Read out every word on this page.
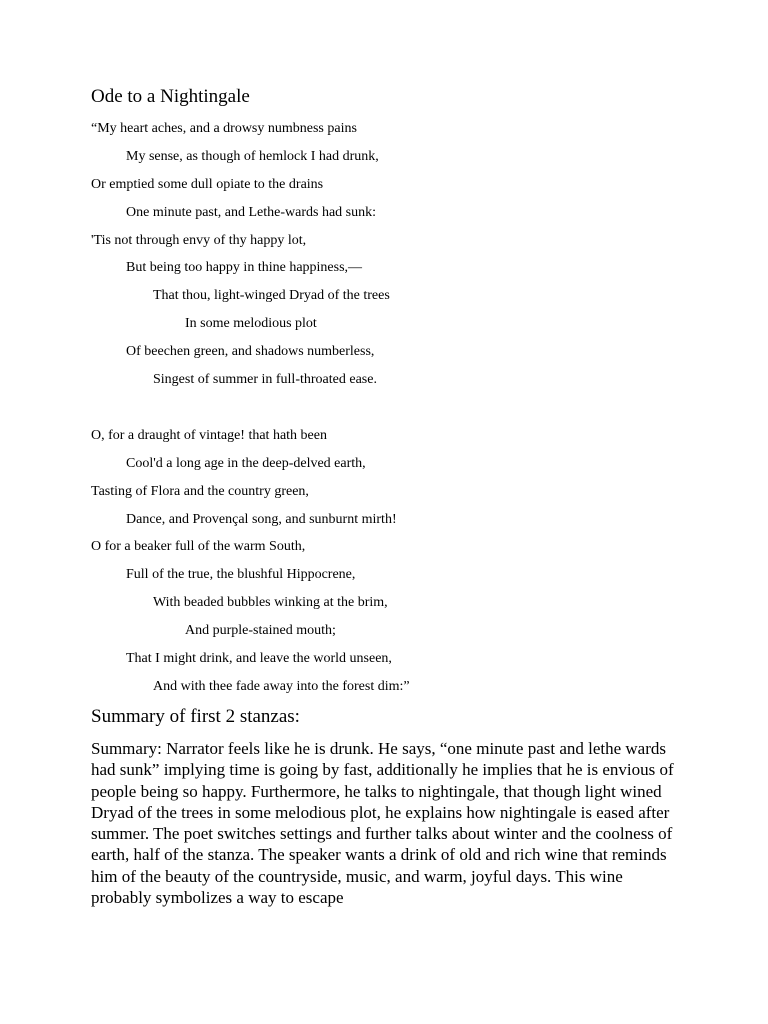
Ode to a Nightingale
“My heart aches, and a drowsy numbness pains
My sense, as though of hemlock I had drunk,
Or emptied some dull opiate to the drains
One minute past, and Lethe-wards had sunk:
'Tis not through envy of thy happy lot,
But being too happy in thine happiness,—
That thou, light-winged Dryad of the trees
In some melodious plot
Of beechen green, and shadows numberless,
Singest of summer in full-throated ease.
O, for a draught of vintage! that hath been
Cool'd a long age in the deep-delved earth,
Tasting of Flora and the country green,
Dance, and Provençal song, and sunburnt mirth!
O for a beaker full of the warm South,
Full of the true, the blushful Hippocrene,
With beaded bubbles winking at the brim,
And purple-stained mouth;
That I might drink, and leave the world unseen,
And with thee fade away into the forest dim:”
Summary of first 2 stanzas:

Summary: Narrator feels like he is drunk. He says, “one minute past and lethe wards had sunk” implying time is going by fast, additionally he implies that he is envious of people being so happy. Furthermore, he talks to nightingale, that though light wined Dryad of the trees in some melodious plot, he explains how nightingale is eased after summer. The poet switches settings and further talks about winter and the coolness of earth, half of the stanza. The speaker wants a drink of old and rich wine that reminds him of the beauty of the countryside, music, and warm, joyful days. This wine probably symbolizes a way to escape
